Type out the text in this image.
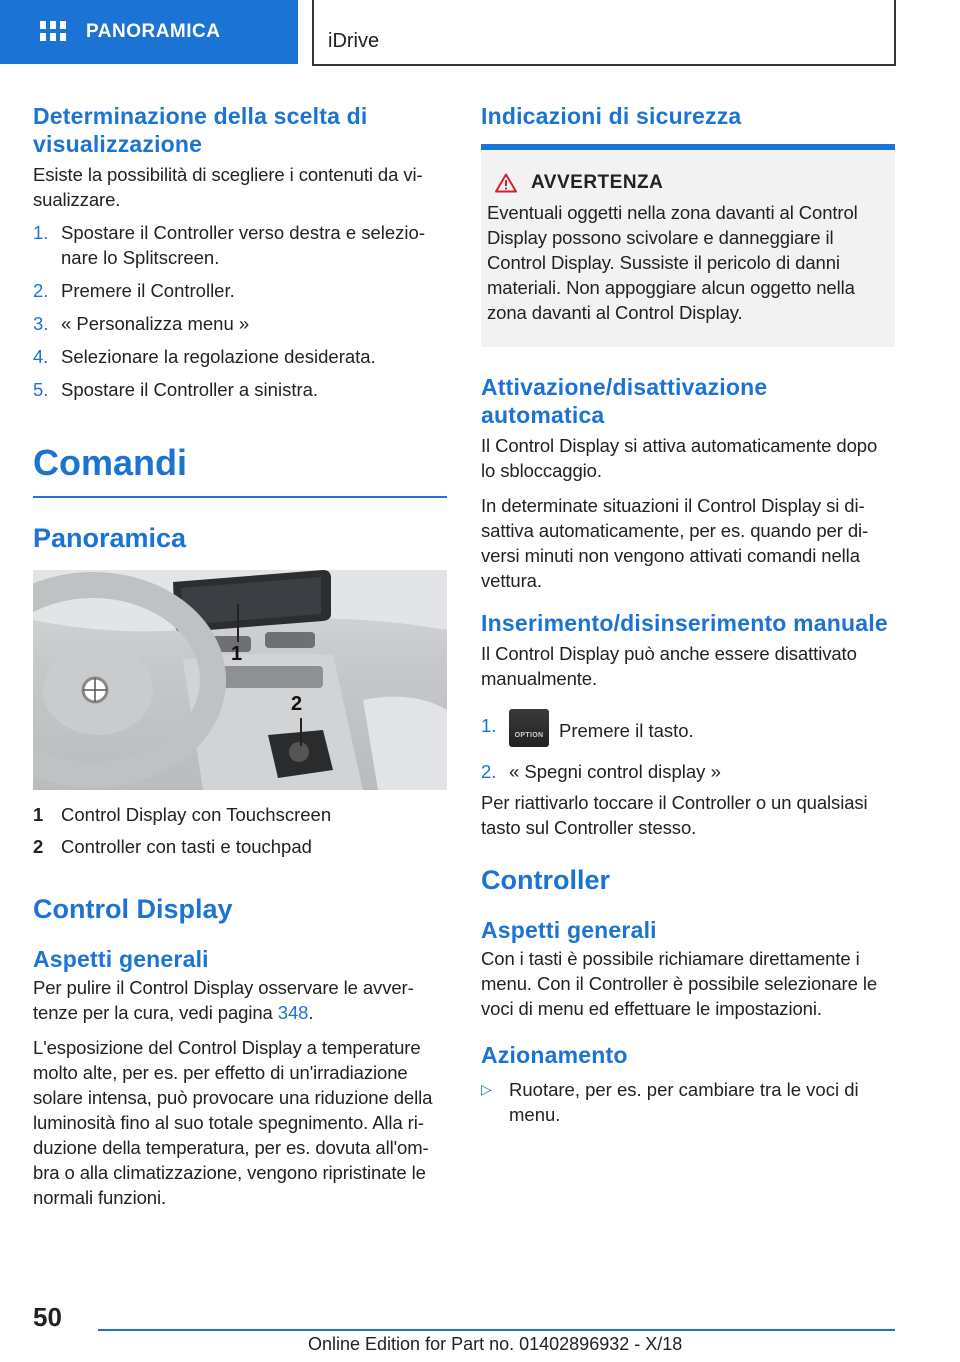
PANORAMICA	iDrive
Determinazione della scelta di visualizzazione

Esiste la possibilità di scegliere i contenuti da visualizzare.

1. Spostare il Controller verso destra e selezionare lo Splitscreen.
2. Premere il Controller.
3. « Personalizza menu »
4. Selezionare la regolazione desiderata.
5. Spostare il Controller a sinistra.
Comandi
Panoramica
1
2
1 Control Display con Touchscreen
2 Controller con tasti e touchpad
Control Display
Aspetti generali

Per pulire il Control Display osservare le avvertenze per la cura, vedi pagina 348.

L'esposizione del Control Display a temperature molto alte, per es. per effetto di un'irradiazione solare intensa, può provocare una riduzione della luminosità fino al suo totale spegnimento. Alla riduzione della temperatura, per es. dovuta all'ombra o alla climatizzazione, vengono ripristinate le normali funzioni.

Indicazioni di sicurezza
AVVERTENZA

Eventuali oggetti nella zona davanti al Control Display possono scivolare e danneggiare il Control Display. Sussiste il pericolo di danni materiali. Non appoggiare alcun oggetto nella zona davanti al Control Display.

Attivazione/disattivazione automatica

Il Control Display si attiva automaticamente dopo lo sbloccaggio.

In determinate situazioni il Control Display si disattiva automaticamente, per es. quando per diversi minuti non vengono attivati comandi nella vettura.

Inserimento/disinserimento manuale

Il Control Display può anche essere disattivato manualmente.

1.	OPTION Premere il tasto.
2. « Spegni control display »

Per riattivarlo toccare il Controller o un qualsiasi tasto sul Controller stesso.

Controller
Aspetti generali

Con i tasti è possibile richiamare direttamente i menu. Con il Controller è possibile selezionare le voci di menu ed effettuare le impostazioni.

Azionamento
▷ Ruotare, per es. per cambiare tra le voci di menu.
50
Online Edition for Part no. 01402896932 - X/18
